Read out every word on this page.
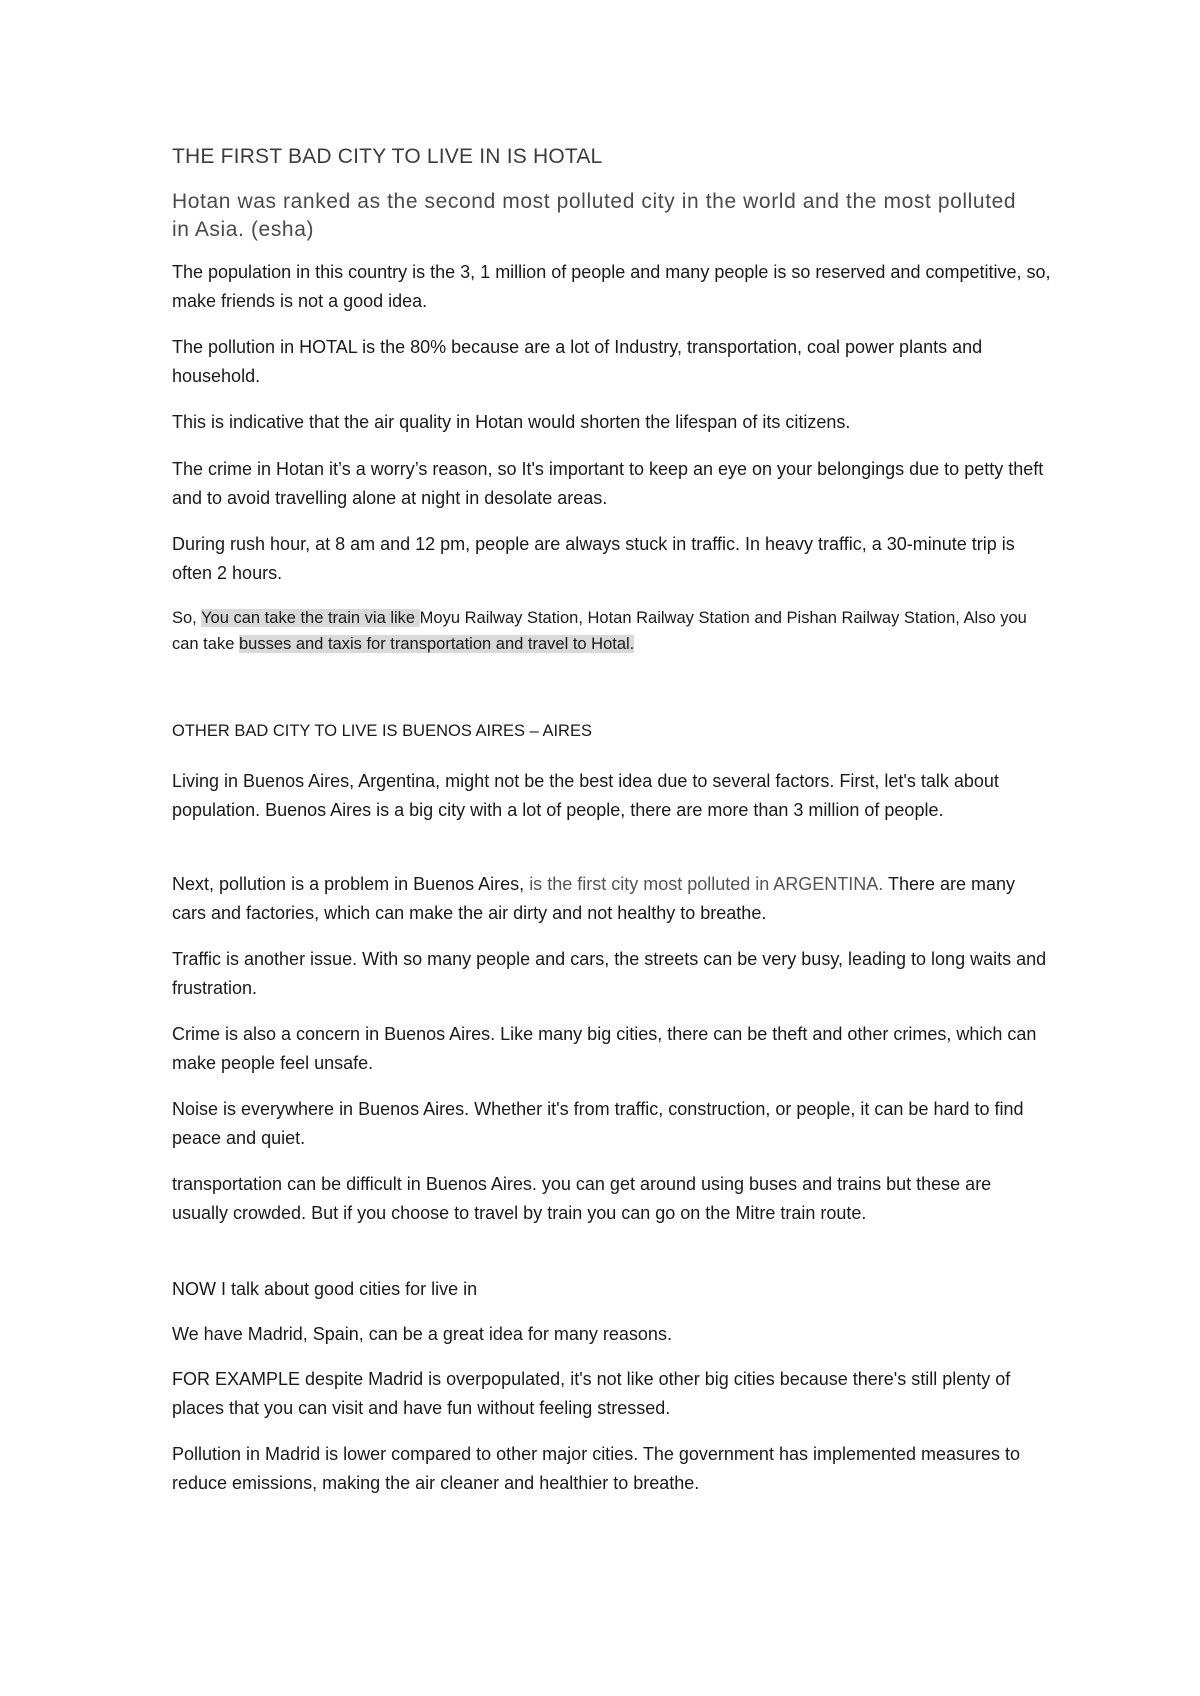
THE FIRST BAD CITY TO LIVE IN IS HOTAL
Hotan was ranked as the second most polluted city in the world and the most polluted in Asia. (esha)
The population in this country is the 3, 1 million of people and many people is so reserved and competitive, so, make friends is not a good idea.
The pollution in HOTAL is the 80% because are a lot of Industry, transportation, coal power plants and household.
This is indicative that the air quality in Hotan would shorten the lifespan of its citizens.
The crime in Hotan it’s a worry’s reason, so It's important to keep an eye on your belongings due to petty theft and to avoid travelling alone at night in desolate areas.
During rush hour, at 8 am and 12 pm, people are always stuck in traffic. In heavy traffic, a 30-minute trip is often 2 hours.
So, You can take the train via like Moyu Railway Station, Hotan Railway Station and Pishan Railway Station, Also you can take busses and taxis for transportation and travel to Hotal.
OTHER BAD CITY TO LIVE IS BUENOS AIRES – AIRES
Living in Buenos Aires, Argentina, might not be the best idea due to several factors. First, let's talk about population. Buenos Aires is a big city with a lot of people, there are more than 3 million of people.
Next, pollution is a problem in Buenos Aires, is the first city most polluted in ARGENTINA. There are many cars and factories, which can make the air dirty and not healthy to breathe.
Traffic is another issue. With so many people and cars, the streets can be very busy, leading to long waits and frustration.
Crime is also a concern in Buenos Aires. Like many big cities, there can be theft and other crimes, which can make people feel unsafe.
Noise is everywhere in Buenos Aires. Whether it's from traffic, construction, or people, it can be hard to find peace and quiet.
transportation can be difficult in Buenos Aires. you can get around using buses and trains but these are usually crowded. But if you choose to travel by train you can go on the Mitre train route.
NOW I talk about good cities for live in
We have Madrid, Spain, can be a great idea for many reasons.
FOR EXAMPLE despite Madrid is overpopulated, it's not like other big cities because there's still plenty of places that you can visit and have fun without feeling stressed.
Pollution in Madrid is lower compared to other major cities. The government has implemented measures to reduce emissions, making the air cleaner and healthier to breathe.
